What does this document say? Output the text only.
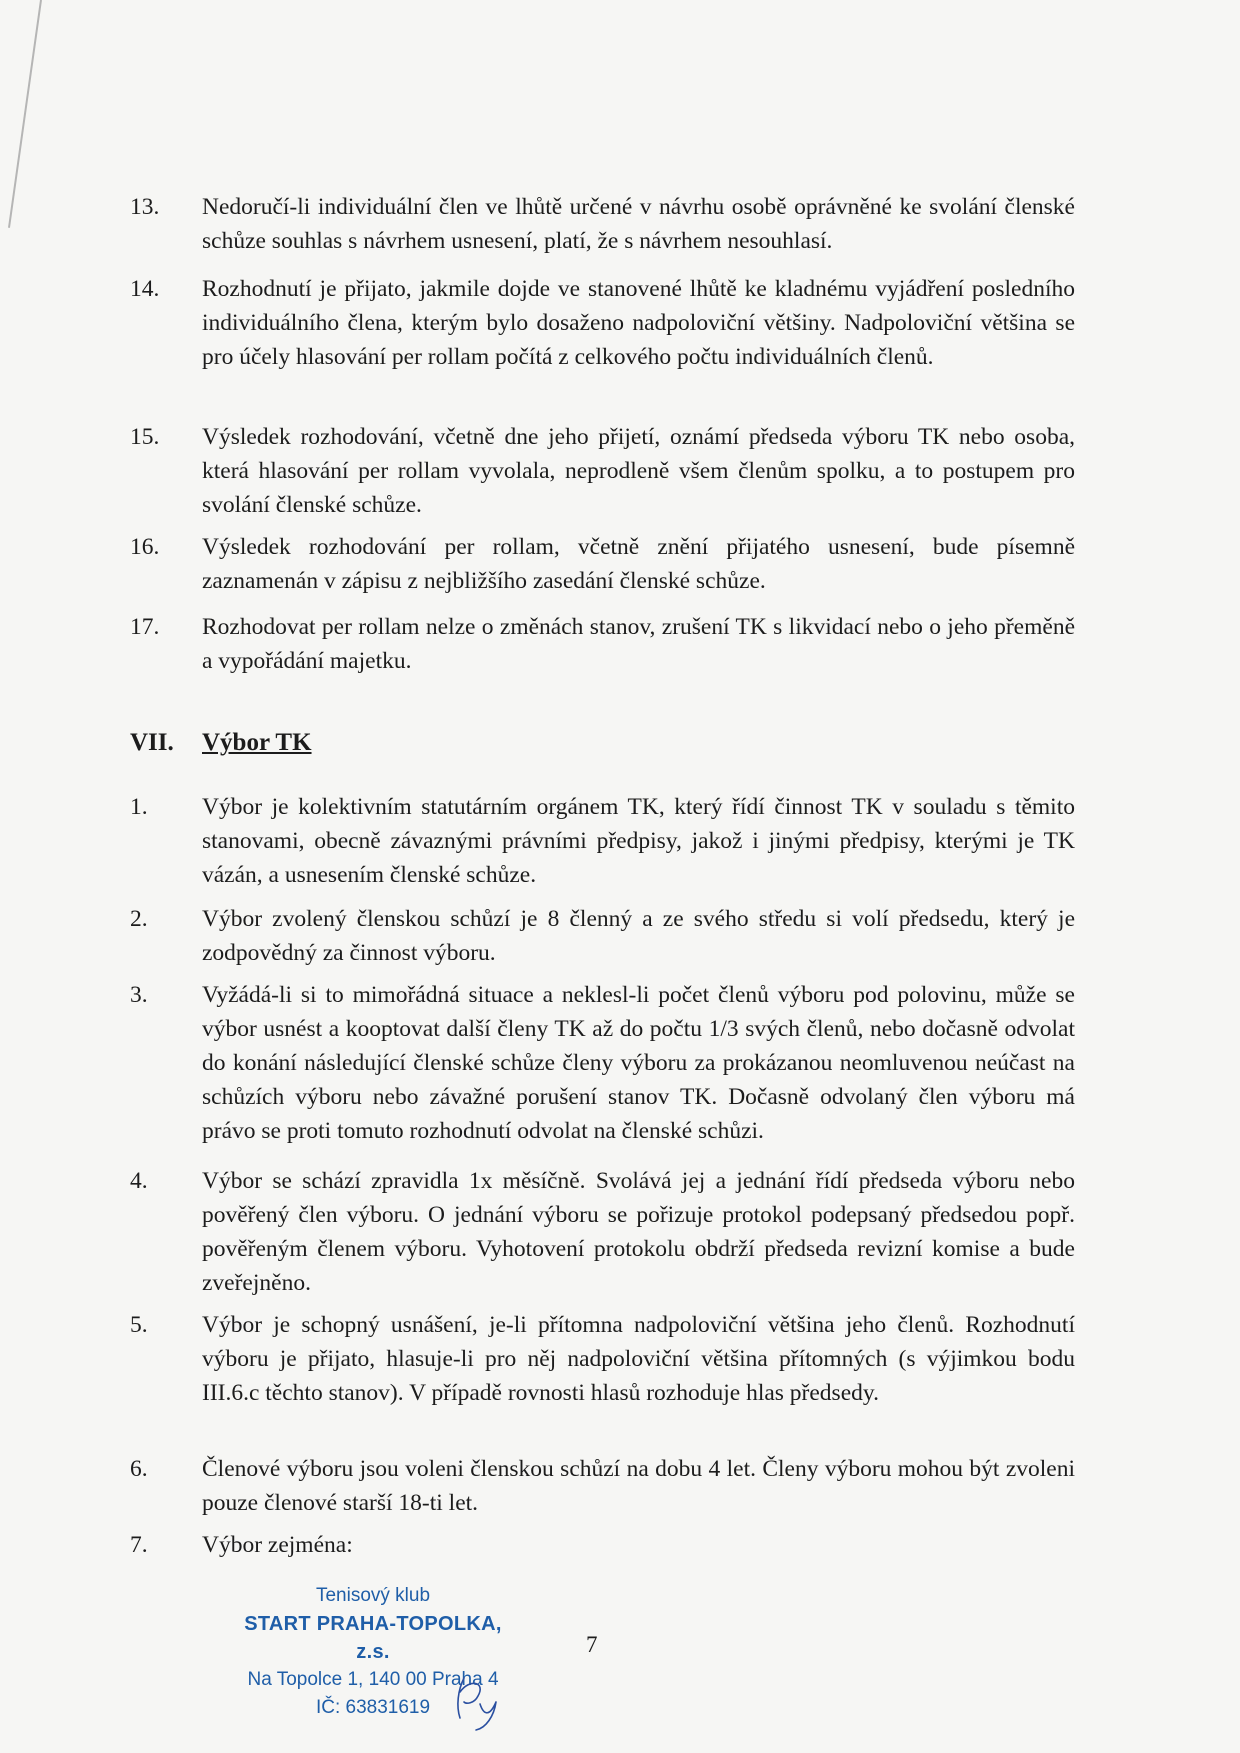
13.	Nedoručí-li individuální člen ve lhůtě určené v návrhu osobě oprávněné ke svolání členské schůze souhlas s návrhem usnesení, platí, že s návrhem nesouhlasí.
14.	Rozhodnutí je přijato, jakmile dojde ve stanovené lhůtě ke kladnému vyjádření posledního individuálního člena, kterým bylo dosaženo nadpoloviční většiny. Nadpoloviční většina se pro účely hlasování per rollam počítá z celkového počtu individuálních členů.
15.	Výsledek rozhodování, včetně dne jeho přijetí, oznámí předseda výboru TK nebo osoba, která hlasování per rollam vyvolala, neprodleně všem členům spolku, a to postupem pro svolání členské schůze.
16.	Výsledek rozhodování per rollam, včetně znění přijatého usnesení, bude písemně zaznamenán v zápisu z nejbližšího zasedání členské schůze.
17.	Rozhodovat per rollam nelze o změnách stanov, zrušení TK s likvidací nebo o jeho přeměně a vypořádání majetku.
VII. Výbor TK
1.	Výbor je kolektivním statutárním orgánem TK, který řídí činnost TK v souladu s těmito stanovami, obecně závaznými právními předpisy, jakož i jinými předpisy, kterými je TK vázán, a usnesením členské schůze.
2.	Výbor zvolený členskou schůzí je 8 členný a ze svého středu si volí předsedu, který je zodpovědný za činnost výboru.
3.	Vyžádá-li si to mimořádná situace a neklesl-li počet členů výboru pod polovinu, může se výbor usnést a kooptovat další členy TK až do počtu 1/3 svých členů, nebo dočasně odvolat do konání následující členské schůze členy výboru za prokázanou neomluvenou neúčast na schůzích výboru nebo závažné porušení stanov TK. Dočasně odvolaný člen výboru má právo se proti tomuto rozhodnutí odvolat na členské schůzi.
4.	Výbor se schází zpravidla 1x měsíčně. Svolává jej a jednání řídí předseda výboru nebo pověřený člen výboru. O jednání výboru se pořizuje protokol podepsaný předsedou popř. pověřeným členem výboru. Vyhotovení protokolu obdrží předseda revizní komise a bude zveřejněno.
5.	Výbor je schopný usnášení, je-li přítomna nadpoloviční většina jeho členů. Rozhodnutí výboru je přijato, hlasuje-li pro něj nadpoloviční většina přítomných (s výjimkou bodu III.6.c těchto stanov). V případě rovnosti hlasů rozhoduje hlas předsedy.
6.	Členové výboru jsou voleni členskou schůzí na dobu 4 let. Členy výboru mohou být zvoleni pouze členové starší 18-ti let.
7.	Výbor zejména:
Tenisový klub
START PRAHA-TOPOLKA, z.s.
Na Topolce 1, 140 00 Praha 4
IČ: 63831619
7
